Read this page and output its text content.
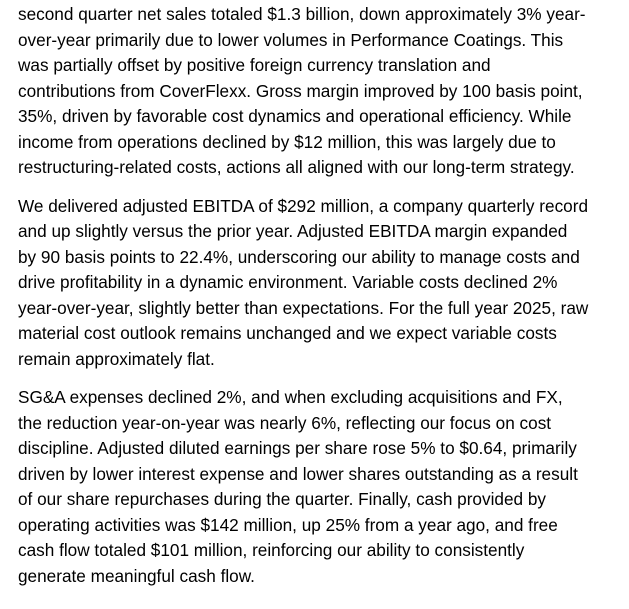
second quarter net sales totaled $1.3 billion, down approximately 3% year-
over-year primarily due to lower volumes in Performance Coatings. This
was partially offset by positive foreign currency translation and
contributions from CoverFlexx. Gross margin improved by 100 basis point,
35%, driven by favorable cost dynamics and operational efficiency. While
income from operations declined by $12 million, this was largely due to
restructuring-related costs, actions all aligned with our long-term strategy.

We delivered adjusted EBITDA of $292 million, a company quarterly record
and up slightly versus the prior year. Adjusted EBITDA margin expanded
by 90 basis points to 22.4%, underscoring our ability to manage costs and
drive profitability in a dynamic environment. Variable costs declined 2%
year-over-year, slightly better than expectations. For the full year 2025, raw
material cost outlook remains unchanged and we expect variable costs
remain approximately flat.

SG&A expenses declined 2%, and when excluding acquisitions and FX,
the reduction year-on-year was nearly 6%, reflecting our focus on cost
discipline. Adjusted diluted earnings per share rose 5% to $0.64, primarily
driven by lower interest expense and lower shares outstanding as a result
of our share repurchases during the quarter. Finally, cash provided by
operating activities was $142 million, up 25% from a year ago, and free
cash flow totaled $101 million, reinforcing our ability to consistently
generate meaningful cash flow.
